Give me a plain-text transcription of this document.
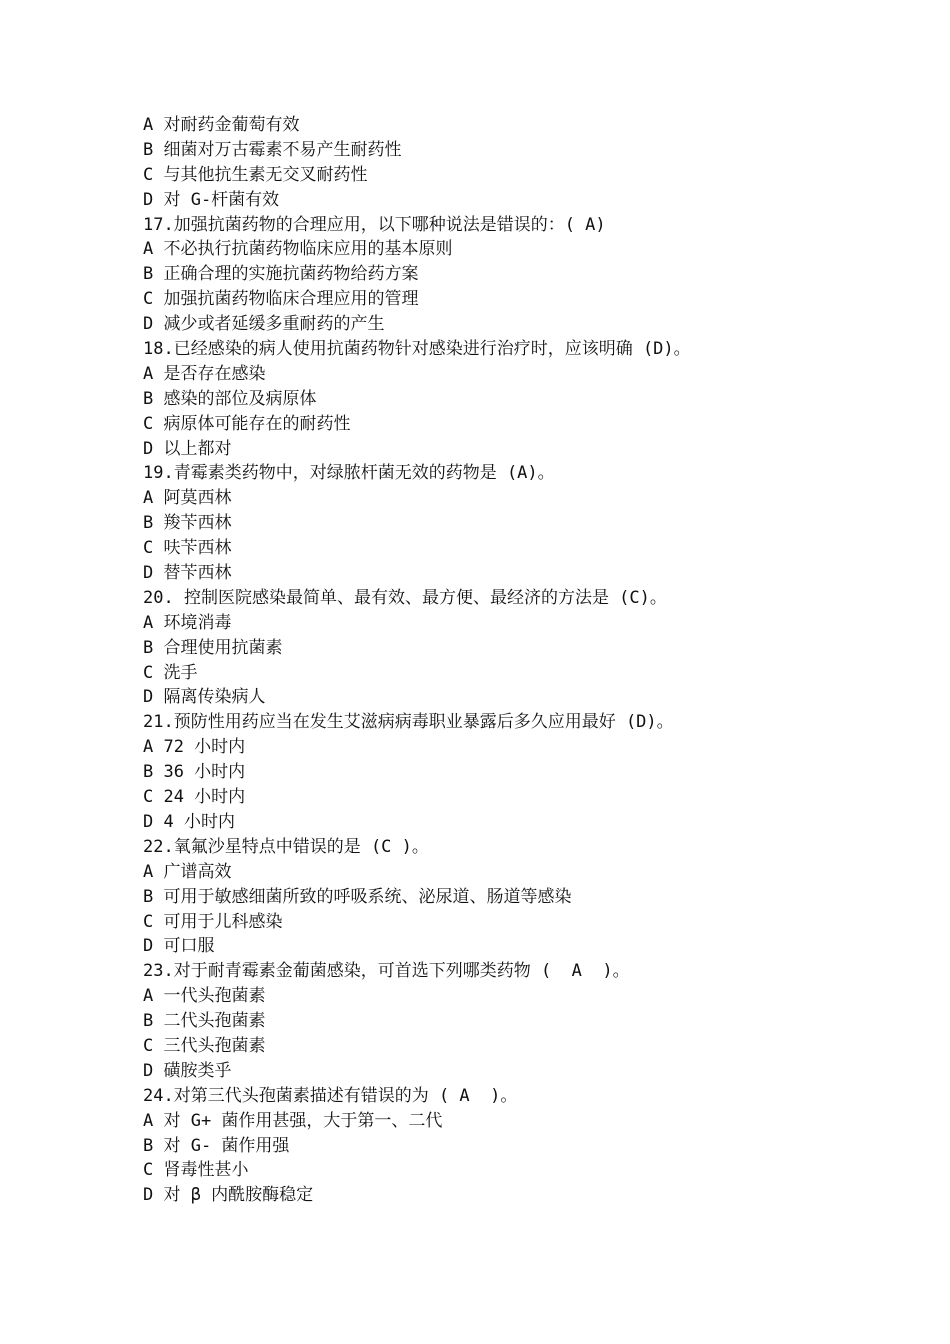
A 对耐药金葡萄有效
B 细菌对万古霉素不易产生耐药性
C 与其他抗生素无交叉耐药性
D 对 G-杆菌有效
17.加强抗菌药物的合理应用，以下哪种说法是错误的：( A)
A 不必执行抗菌药物临床应用的基本原则
B 正确合理的实施抗菌药物给药方案
C 加强抗菌药物临床合理应用的管理
D 减少或者延缓多重耐药的产生
18.已经感染的病人使用抗菌药物针对感染进行治疗时，应该明确 (D)。
A 是否存在感染
B 感染的部位及病原体
C 病原体可能存在的耐药性
D 以上都对
19.青霉素类药物中，对绿脓杆菌无效的药物是 (A)。
A 阿莫西林
B 羧苄西林
C 呋苄西林
D 替苄西林
20. 控制医院感染最简单、最有效、最方便、最经济的方法是 (C)。
A 环境消毒
B 合理使用抗菌素
C 洗手
D 隔离传染病人
21.预防性用药应当在发生艾滋病病毒职业暴露后多久应用最好 (D)。
A 72 小时内
B 36 小时内
C 24 小时内
D 4 小时内
22.氧氟沙星特点中错误的是 (C )。
A 广谱高效
B 可用于敏感细菌所致的呼吸系统、泌尿道、肠道等感染
C 可用于儿科感染
D 可口服
23.对于耐青霉素金葡菌感染，可首选下列哪类药物 (  A  )。
A 一代头孢菌素
B 二代头孢菌素
C 三代头孢菌素
D 磺胺类乎
24.对第三代头孢菌素描述有错误的为 ( A  )。
A 对 G+ 菌作用甚强，大于第一、二代
B 对 G- 菌作用强
C 肾毒性甚小
D 对 β 内酰胺酶稳定
